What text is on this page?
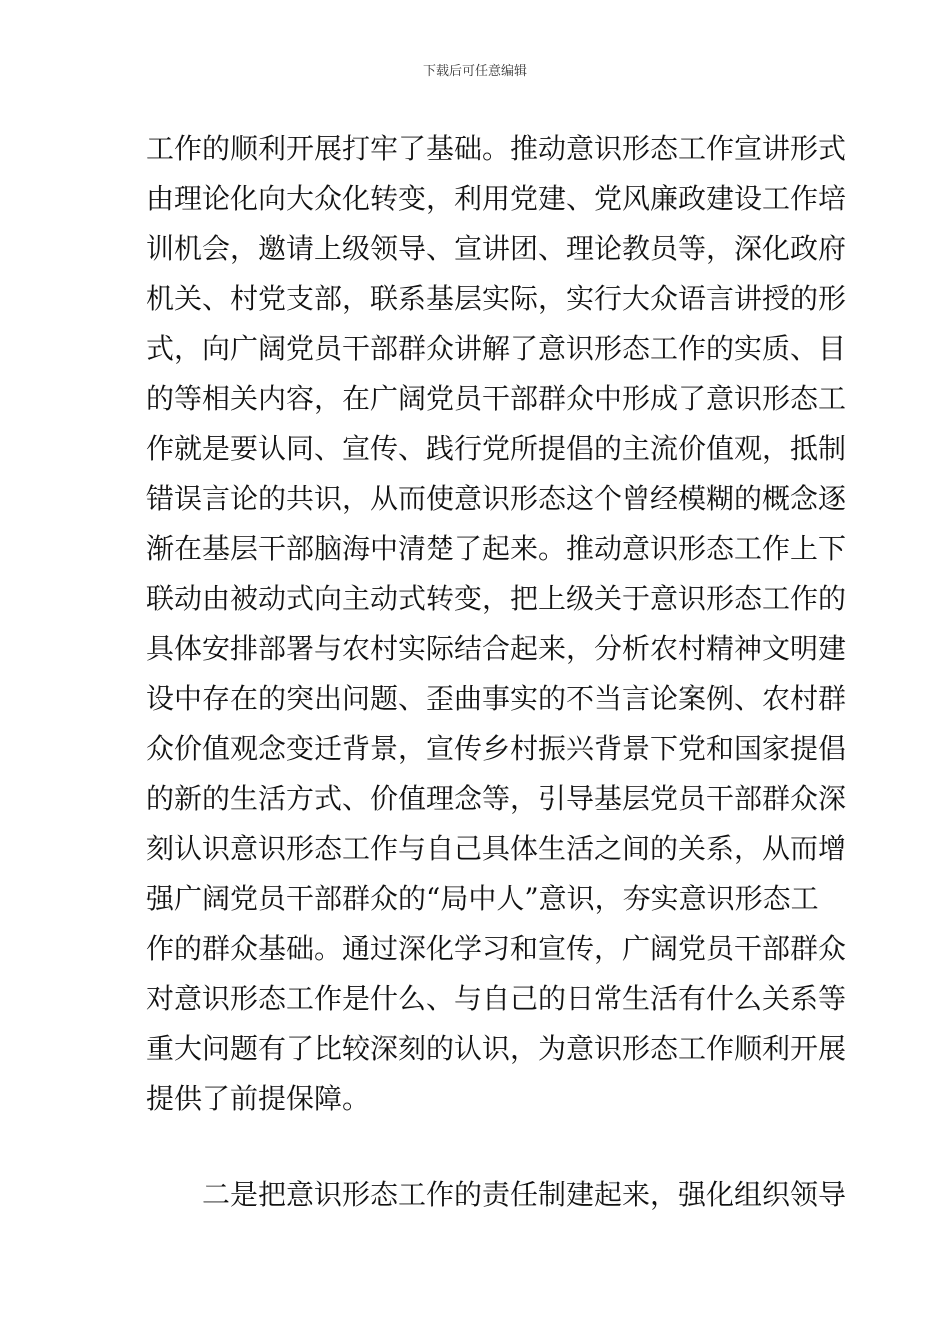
下载后可任意编辑
工作的顺利开展打牢了基础。推动意识形态工作宣讲形式
由理论化向大众化转变，利用党建、党风廉政建设工作培
训机会，邀请上级领导、宣讲团、理论教员等，深化政府
机关、村党支部，联系基层实际，实行大众语言讲授的形
式，向广阔党员干部群众讲解了意识形态工作的实质、目
的等相关内容，在广阔党员干部群众中形成了意识形态工
作就是要认同、宣传、践行党所提倡的主流价值观，抵制
错误言论的共识，从而使意识形态这个曾经模糊的概念逐
渐在基层干部脑海中清楚了起来。推动意识形态工作上下
联动由被动式向主动式转变，把上级关于意识形态工作的
具体安排部署与农村实际结合起来，分析农村精神文明建
设中存在的突出问题、歪曲事实的不当言论案例、农村群
众价值观念变迁背景，宣传乡村振兴背景下党和国家提倡
的新的生活方式、价值理念等，引导基层党员干部群众深
刻认识意识形态工作与自己具体生活之间的关系，从而增
强广阔党员干部群众的“局中人”意识，夯实意识形态工
作的群众基础。通过深化学习和宣传，广阔党员干部群众
对意识形态工作是什么、与自己的日常生活有什么关系等
重大问题有了比较深刻的认识，为意识形态工作顺利开展
提供了前提保障。
二是把意识形态工作的责任制建起来，强化组织领导
